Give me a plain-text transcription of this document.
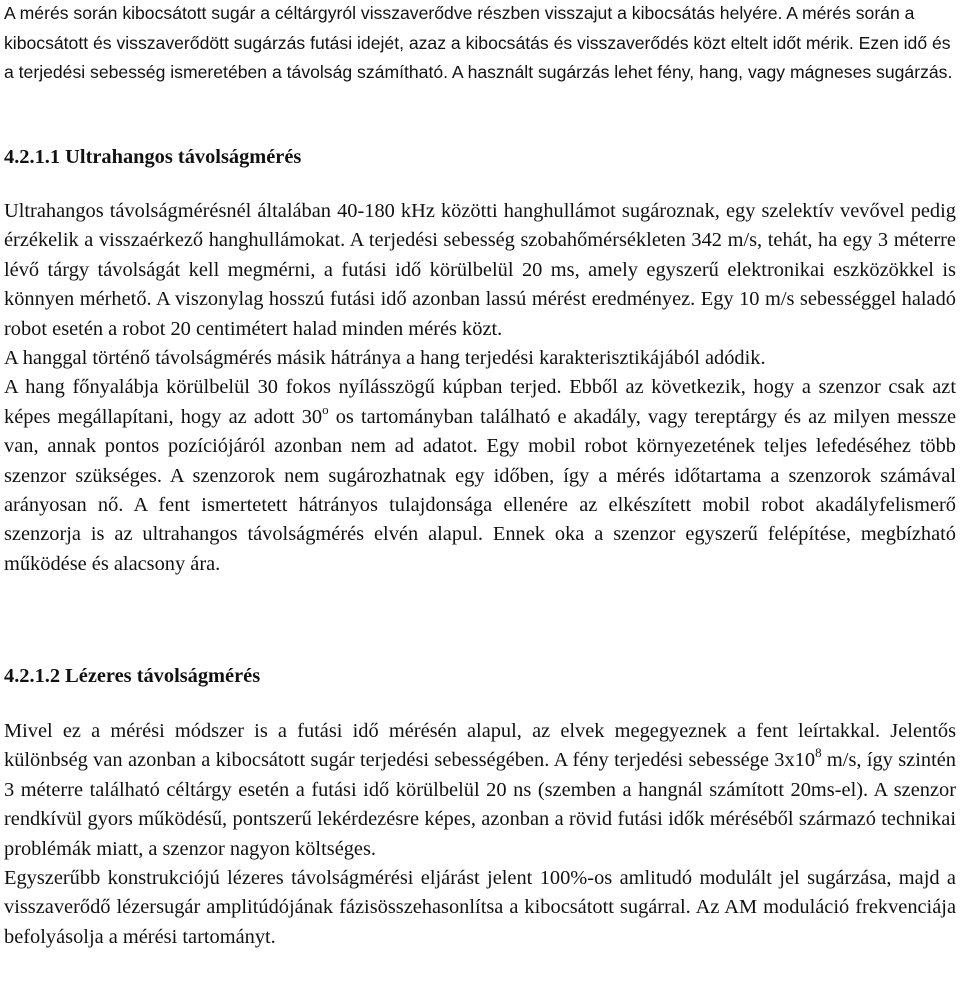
A mérés során kibocsátott sugár a céltárgyról visszaverődve részben visszajut a kibocsátás helyére. A mérés során a kibocsátott és visszaverődött sugárzás futási idejét, azaz a kibocsátás és visszaverődés közt eltelt időt mérik. Ezen idő és a terjedési sebesség ismeretében a távolság számítható. A használt sugárzás lehet fény, hang, vagy mágneses sugárzás.

4.2.1.1 Ultrahangos távolságmérés

Ultrahangos távolságmérésnél általában 40-180 kHz közötti hanghullámot sugároznak, egy szelektív vevővel pedig érzékelik a visszaérkező hanghullámokat. A terjedési sebesség szobahőmérsékleten 342 m/s, tehát, ha egy 3 méterre lévő tárgy távolságát kell megmérni, a futási idő körülbelül 20 ms, amely egyszerű elektronikai eszközökkel is könnyen mérhető. A viszonylag hosszú futási idő azonban lassú mérést eredményez. Egy 10 m/s sebességgel haladó robot esetén a robot 20 centimétert halad minden mérés közt.

A hanggal történő távolságmérés másik hátránya a hang terjedési karakterisztikájából adódik.

A hang főnyalábja körülbelül 30 fokos nyílásszögű kúpban terjed. Ebből az következik, hogy a szenzor csak azt képes megállapítani, hogy az adott 30$^o$ os tartományban található e akadály, vagy tereptárgy és az milyen messze van, annak pontos pozíciójáról azonban nem ad adatot. Egy mobil robot környezetének teljes lefedéséhez több szenzor szükséges. A szenzorok nem sugározhatnak egy időben, így a mérés időtartama a szenzorok számával arányosan nő. A fent ismertetett hátrányos tulajdonsága ellenére az elkészített mobil robot akadályfelismerő szenzorja is az ultrahangos távolságmérés elvén alapul. Ennek oka a szenzor egyszerű felépítése, megbízható működése és alacsony ára.

4.2.1.2 Lézeres távolságmérés

Mivel ez a mérési módszer is a futási idő mérésén alapul, az elvek megegyeznek a fent leírtakkal. Jelentős különbség van azonban a kibocsátott sugár terjedési sebességében. A fény terjedési sebessége $3x10^8$ m/s, így szintén 3 méterre található céltárgy esetén a futási idő körülbelül 20 ns (szemben a hangnál számított 20ms-el). A szenzor rendkívül gyors működésű, pontszerű lekérdezésre képes, azonban a rövid futási idők méréséből származó technikai problémák miatt, a szenzor nagyon költséges.

Egyszerűbb konstrukciójú lézeres távolságmérési eljárást jelent 100%-os amlitudó modulált jel sugárzása, majd a visszaverődő lézersugár amplitúdójának fázisösszehasonlítsa a kibocsátott sugárral. Az AM moduláció frekvenciája befolyásolja a mérési tartományt.
